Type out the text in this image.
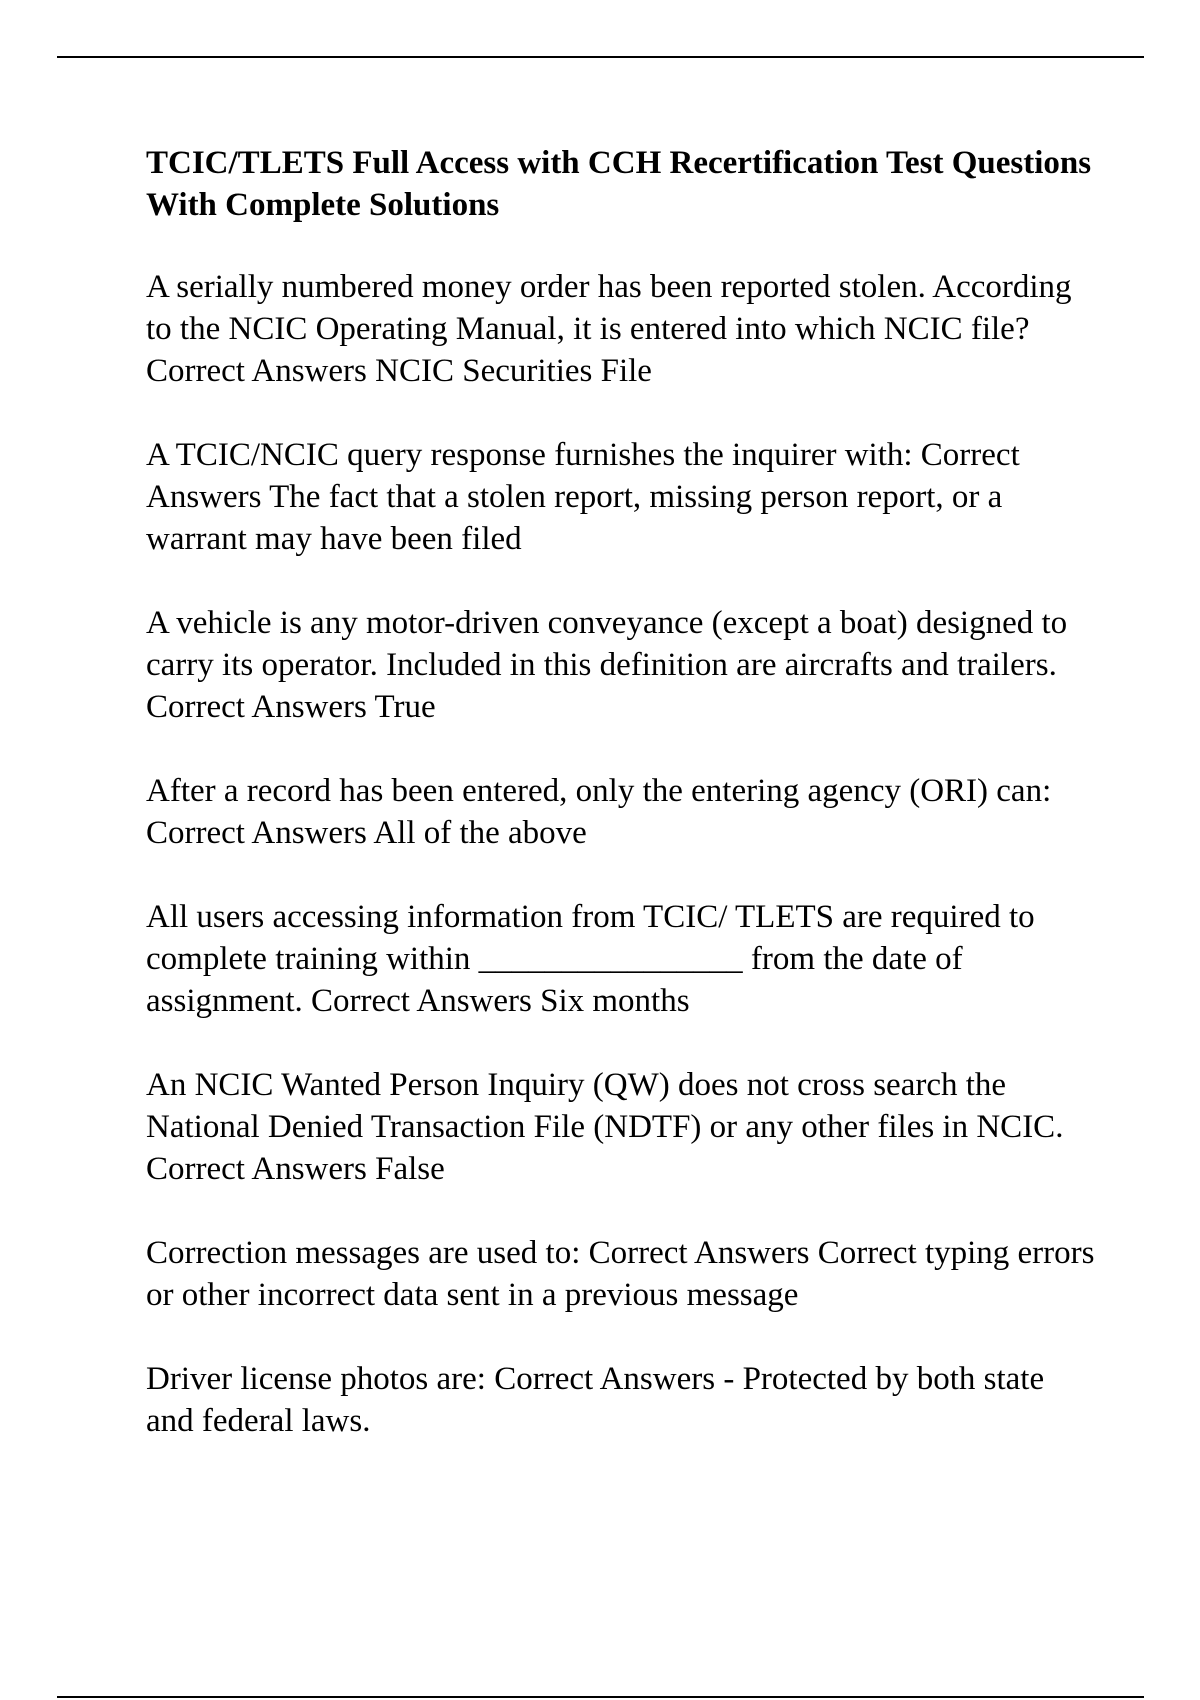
TCIC/TLETS Full Access with CCH Recertification Test Questions With Complete Solutions

A serially numbered money order has been reported stolen. According to the NCIC Operating Manual, it is entered into which NCIC file? Correct Answers NCIC Securities File

A TCIC/NCIC query response furnishes the inquirer with: Correct Answers The fact that a stolen report, missing person report, or a warrant may have been filed

A vehicle is any motor-driven conveyance (except a boat) designed to carry its operator. Included in this definition are aircrafts and trailers. Correct Answers True

After a record has been entered, only the entering agency (ORI) can: Correct Answers All of the above

All users accessing information from TCIC/ TLETS are required to complete training within ________________ from the date of assignment. Correct Answers Six months

An NCIC Wanted Person Inquiry (QW) does not cross search the National Denied Transaction File (NDTF) or any other files in NCIC. Correct Answers False

Correction messages are used to: Correct Answers Correct typing errors or other incorrect data sent in a previous message

Driver license photos are: Correct Answers - Protected by both state and federal laws.
